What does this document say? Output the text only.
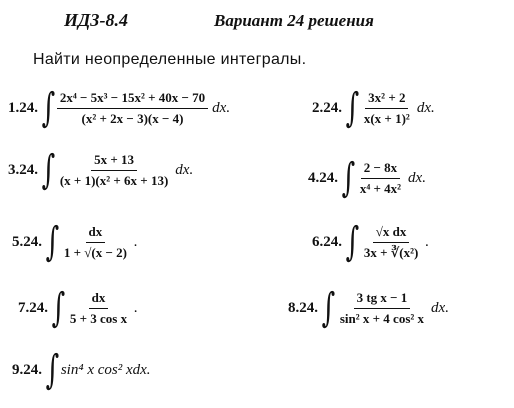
ИДЗ-8.4	Вариант 24 решения
Найти неопределенные интегралы.
1.24. ∫ $\frac{\text{2x⁴ − 5x³ − 15x² + 40x − 70}}{\text{(x² + 2x − 3)(x − 4)}}$ dx.	2.24. ∫ $\frac{\text{3x² + 2}}{\text{x(x + 1)²}}$ dx.
3.24. ∫ $\frac{5x + 13}{\text{(x + 1)(x² + 6x + 13)}}$ dx.	4.24. ∫ $\frac{2 - 8x}{\text{x⁴ + 4x²}}$ dx.
5.24. ∫ $\frac{dx}{1 + √(x - 2)}$ .	6.24. ∫ $\frac{\text{√x dx}}{\text{3x + ∛(x²)}}$ .
7.24. ∫ $\frac{dx}{\text{5 + 3 cos x}}$ .	8.24. ∫ $\frac{\text{3 tg x − 1}}{\text{sin² x + 4 cos² x}}$ dx.
9.24. ∫ sin⁴ x cos² xdx.
